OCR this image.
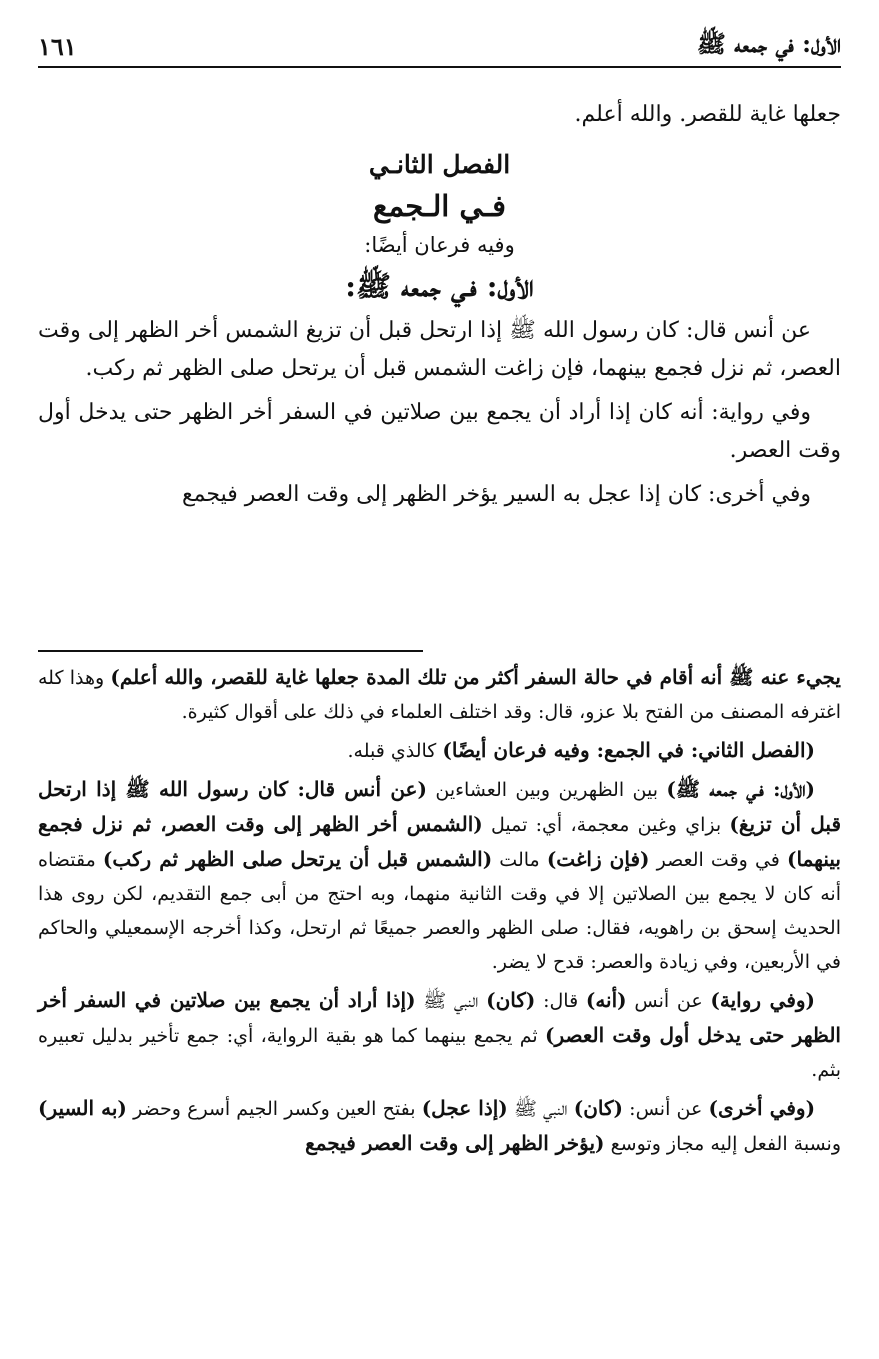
الأول: في جمعه ﷺ
١٦١

جعلها غاية للقصر. والله أعلم.

الفصل الثانـي

فـي الـجمع

وفيه فرعان أيضًا:

الأول: فـي جمعه ﷺ:

عن أنس قال: كان رسول الله ﷺ إذا ارتحل قبل أن تزيغ الشمس أخر الظهر إلى وقت العصر، ثم نزل فجمع بينهما، فإن زاغت الشمس قبل أن يرتحل صلى الظهر ثم ركب.

وفي رواية: أنه كان إذا أراد أن يجمع بين صلاتين في السفر أخر الظهر حتى يدخل أول وقت العصر.

وفي أخرى: كان إذا عجل به السير يؤخر الظهر إلى وقت العصر فيجمع

يجيء عنه ﷺ أنه أقام في حالة السفر أكثر من تلك المدة جعلها غاية للقصر، والله أعلم) وهذا كله اغترفه المصنف من الفتح بلا عزو، قال: وقد اختلف العلماء في ذلك على أقوال كثيرة.

(الفصل الثاني: في الجمع: وفيه فرعان أيضًا) كالذي قبله.

(الأول: فـي جمعه ﷺ) بين الظهرين وبين العشاءين (عن أنس قال: كان رسول الله ﷺ إذا ارتحل قبل أن تزيغ) بزاي وغين معجمة، أي: تميل (الشمس أخر الظهر إلى وقت العصر، ثم نزل فجمع بينهما) في وقت العصر (فإن زاغت) مالت (الشمس قبل أن يرتحل صلى الظهر ثم ركب) مقتضاه أنه كان لا يجمع بين الصلاتين إلا في وقت الثانية منهما، وبه احتج من أبى جمع التقديم، لكن روى هذا الحديث إسحق بن راهويه، فقال: صلى الظهر والعصر جميعًا ثم ارتحل، وكذا أخرجه الإسمعيلي والحاكم في الأربعين، وفي زيادة والعصر: قدح لا يضر.

(وفي رواية) عن أنس (أنه) قال: (كان) النبي ﷺ (إذا أراد أن يجمع بين صلاتين في السفر أخر الظهر حتى يدخل أول وقت العصر) ثم يجمع بينهما كما هو بقية الرواية، أي: جمع تأخير بدليل تعبيره بثم.

(وفي أخرى) عن أنس: (كان) النبي ﷺ (إذا عجل) بفتح العين وكسر الجيم أسرع وحضر (به السير) ونسبة الفعل إليه مجاز وتوسع (يؤخر الظهر إلى وقت العصر فيجمع
